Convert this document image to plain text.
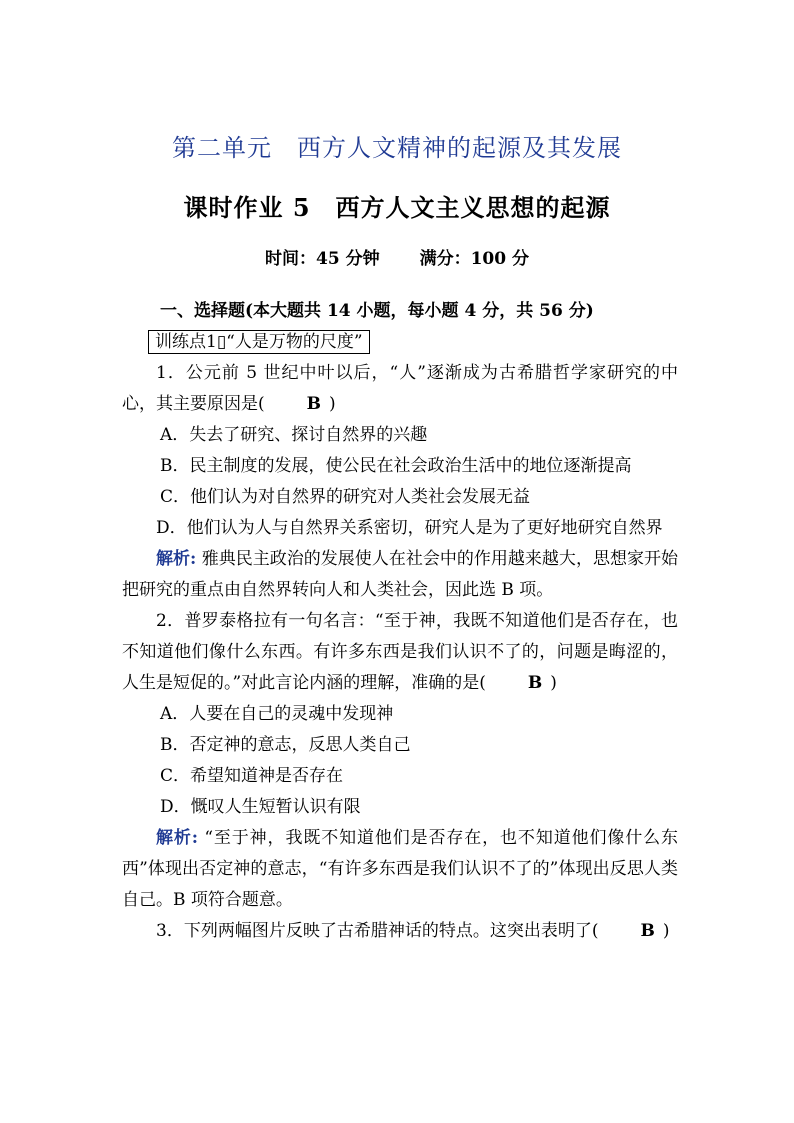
第二单元　西方人文精神的起源及其发展
课时作业 5　西方人文主义思想的起源
时间：45 分钟 满分：100 分
一、选择题(本大题共 14 小题，每小题 4 分，共 56 分)
训练点1▯“人是万物的尺度”

1．公元前 5 世纪中叶以后，“人”逐渐成为古希腊哲学家研究的中心，其主要原因是( B )

A．失去了研究、探讨自然界的兴趣

B．民主制度的发展，使公民在社会政治生活中的地位逐渐提高

C．他们认为对自然界的研究对人类社会发展无益

D．他们认为人与自然界关系密切，研究人是为了更好地研究自然界

解析: 雅典民主政治的发展使人在社会中的作用越来越大，思想家开始把研究的重点由自然界转向人和人类社会，因此选 B 项。

2．普罗泰格拉有一句名言：“至于神，我既不知道他们是否存在，也不知道他们像什么东西。有许多东西是我们认识不了的，问题是晦涩的，人生是短促的。”对此言论内涵的理解，准确的是( B )

A．人要在自己的灵魂中发现神

B．否定神的意志，反思人类自己

C．希望知道神是否存在

D．慨叹人生短暂认识有限

解析: “至于神，我既不知道他们是否存在，也不知道他们像什么东西”体现出否定神的意志，“有许多东西是我们认识不了的”体现出反思人类自己。B 项符合题意。

3．下列两幅图片反映了古希腊神话的特点。这突出表明了( B )
